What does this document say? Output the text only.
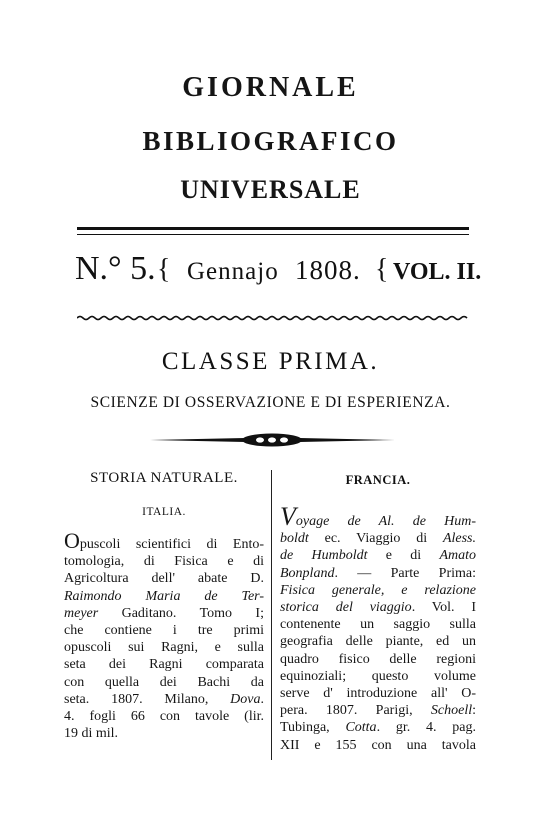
GIORNALE
BIBLIOGRAFICO
UNIVERSALE
N.° 5. { Gennajo 1808. { VOL. II.
CLASSE PRIMA.
SCIENZE DI OSSERVAZIONE E DI ESPERIENZA.
STORIA NATURALE.
ITALIA.
Opuscoli scientifici di Ento-
tomologia, di Fisica e di
Agricoltura dell' abate D.
Raimondo Maria de Ter-
meyer Gaditano. Tomo I;
che contiene i tre primi
opuscoli sui Ragni, e sulla
seta dei Ragni comparata
con quella dei Bachi da
seta. 1807. Milano, Dova.
4. fogli 66 con tavole (lir.
19 di mil.
FRANCIA.
Voyage de Al. de Hum-
boldt ec. Viaggio di Aless.
de Humboldt e di Amato
Bonpland. — Parte Prima:
Fisica generale, e relazione
storica del viaggio. Vol. I
contenente un saggio sulla
geografia delle piante, ed un
quadro fisico delle regioni
equinoziali; questo volume
serve d' introduzione all' O-
pera. 1807. Parigi, Schoell:
Tubinga, Cotta. gr. 4. pag.
XII e 155 con una tavola
